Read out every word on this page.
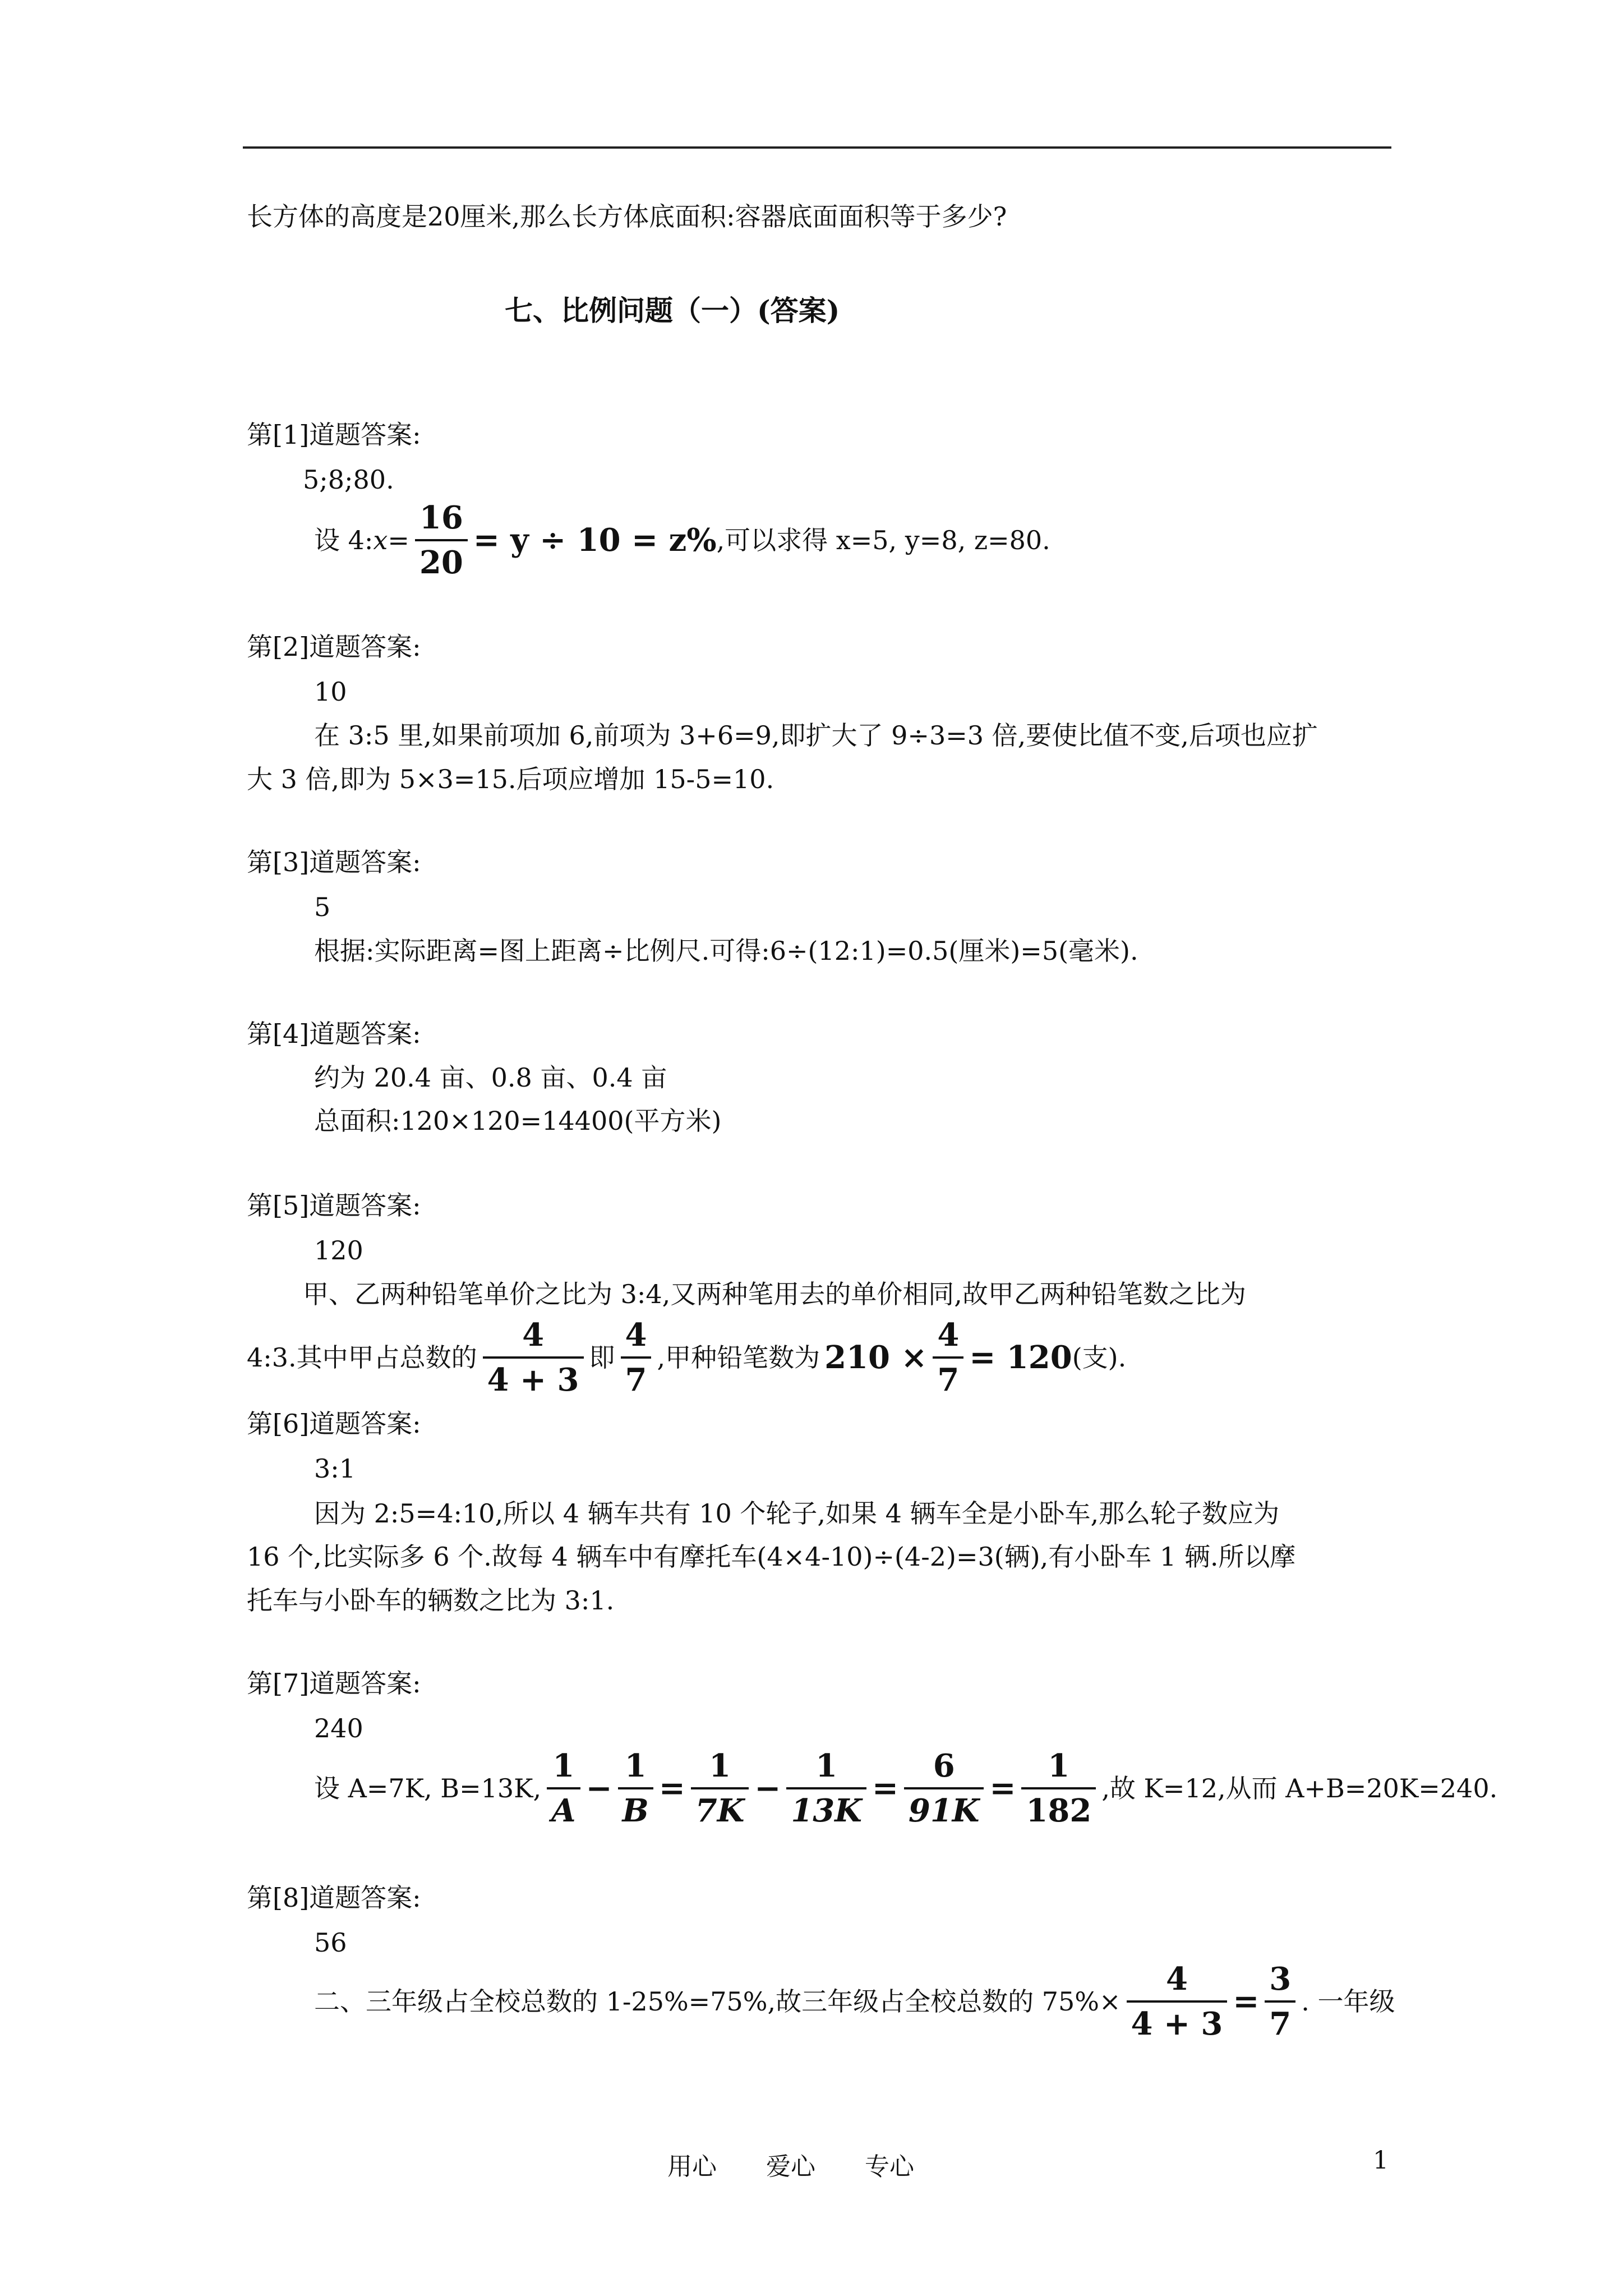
长方体的高度是20厘米,那么长方体底面积:容器底面面积等于多少?
七、比例问题（一）(答案)
第[1]道题答案:
5;8;80.
设 4: $x = \frac{16}{20} = y \div 10 = z\%$ ,可以求得 x=5, y=8, z=80.
第[2]道题答案:
10
在 3:5 里,如果前项加 6,前项为 3+6=9,即扩大了 9÷3=3 倍,要使比值不变,后项也应扩
大 3 倍,即为 5×3=15.后项应增加 15-5=10.
第[3]道题答案:
5
根据:实际距离=图上距离÷比例尺.可得:6÷(12:1)=0.5(厘米)=5(毫米).
第[4]道题答案:
约为 20.4 亩、0.8 亩、0.4 亩
总面积:120×120=14400(平方米)
第[5]道题答案:
120
甲、乙两种铅笔单价之比为 3:4,又两种笔用去的单价相同,故甲乙两种铅笔数之比为
4:3.其中甲占总数的 $\frac{4}{4 + 3}$ 即 $\frac{4}{7}$ ,甲种铅笔数为 $210 \times \frac{4}{7} = 120$ (支).
第[6]道题答案:
3:1
因为 2:5=4:10,所以 4 辆车共有 10 个轮子,如果 4 辆车全是小卧车,那么轮子数应为
16 个,比实际多 6 个.故每 4 辆车中有摩托车(4×4-10)÷(4-2)=3(辆),有小卧车 1 辆.所以摩
托车与小卧车的辆数之比为 3:1.
第[7]道题答案:
240
设 A=7K, B=13K, $\frac{1}{A} - \frac{1}{B} = \frac{1}{7K} - \frac{1}{13K} = \frac{6}{91K} = \frac{1}{182}$ ,故 K=12,从而 A+B=20K=240.
第[8]道题答案:
56
二、三年级占全校总数的 1-25%=75%,故三年级占全校总数的 $75\%\times \frac{4}{4 + 3} = \frac{3}{7}$ . 一年级
用心　　爱心　　专心	1
